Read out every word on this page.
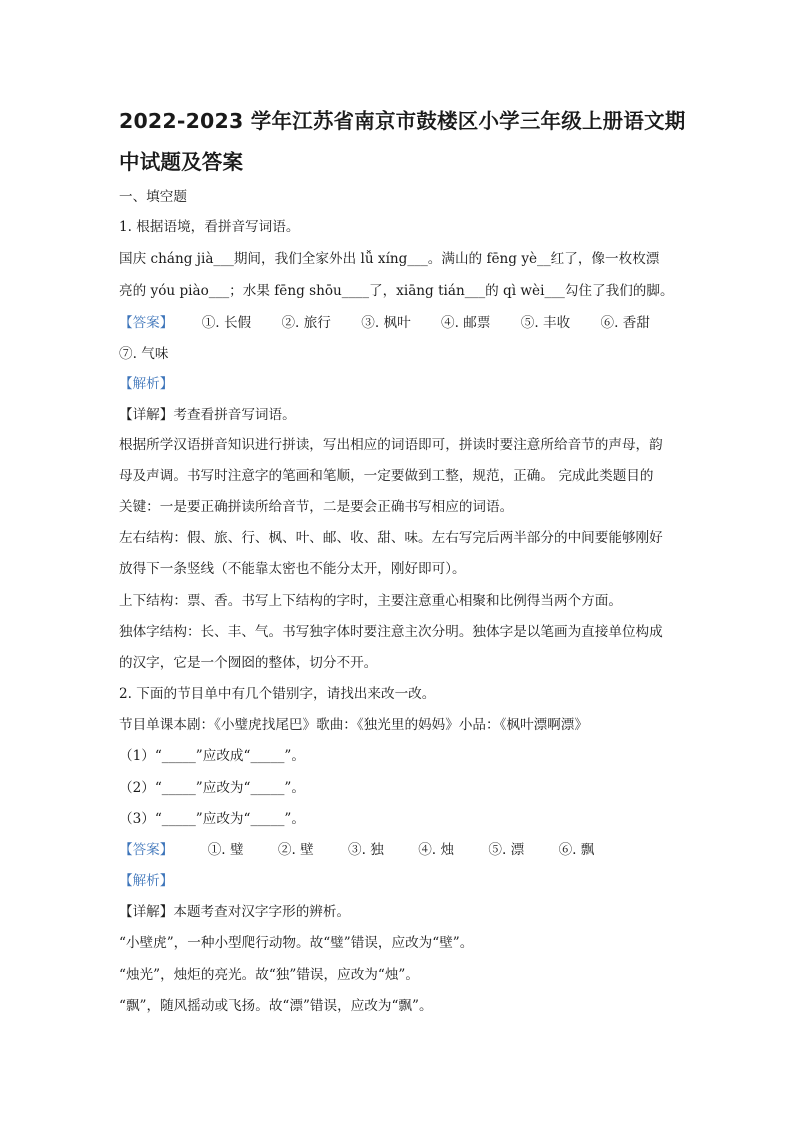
2022-2023 学年江苏省南京市鼓楼区小学三年级上册语文期
中试题及答案
一、填空题
1. 根据语境，看拼音写词语。
国庆 cháng jià___期间，我们全家外出 lǚ xíng___。满山的 fēng yè__红了，像一枚枚漂
亮的 yóu piào___；水果 fēng shōu____了，xiāng tián___的 qì wèi___勾住了我们的脚。
【答案】 ①. 长假 ②. 旅行 ③. 枫叶 ④. 邮票 ⑤. 丰收 ⑥. 香甜
⑦. 气味
【解析】
【详解】考查看拼音写词语。
根据所学汉语拼音知识进行拼读，写出相应的词语即可，拼读时要注意所给音节的声母，韵
母及声调。书写时注意字的笔画和笔顺，一定要做到工整，规范，正确。 完成此类题目的
关键：一是要正确拼读所给音节，二是要会正确书写相应的词语。
左右结构：假、旅、行、枫、叶、邮、收、甜、味。左右写完后两半部分的中间要能够刚好
放得下一条竖线（不能靠太密也不能分太开，刚好即可）。
上下结构：票、香。书写上下结构的字时，主要注意重心相聚和比例得当两个方面。
独体字结构：长、丰、气。书写独字体时要注意主次分明。独体字是以笔画为直接单位构成
的汉字，它是一个囫囵的整体，切分不开。
2. 下面的节目单中有几个错别字，请找出来改一改。
节目单课本剧：《小璧虎找尾巴》歌曲：《独光里的妈妈》小品：《枫叶漂啊漂》
（1）“_____”应改成“_____”。
（2）“_____”应改为“_____”。
（3）“_____”应改为“_____”。
【答案】	①. 璧	②. 壁	③. 独	④. 烛	⑤. 漂	⑥. 飘
【解析】
【详解】本题考查对汉字字形的辨析。
“小壁虎”，一种小型爬行动物。故“璧”错误，应改为“壁”。
“烛光”，烛炬的亮光。故“独”错误，应改为“烛”。
“飘”，随风摇动或飞扬。故“漂”错误，应改为“飘”。
